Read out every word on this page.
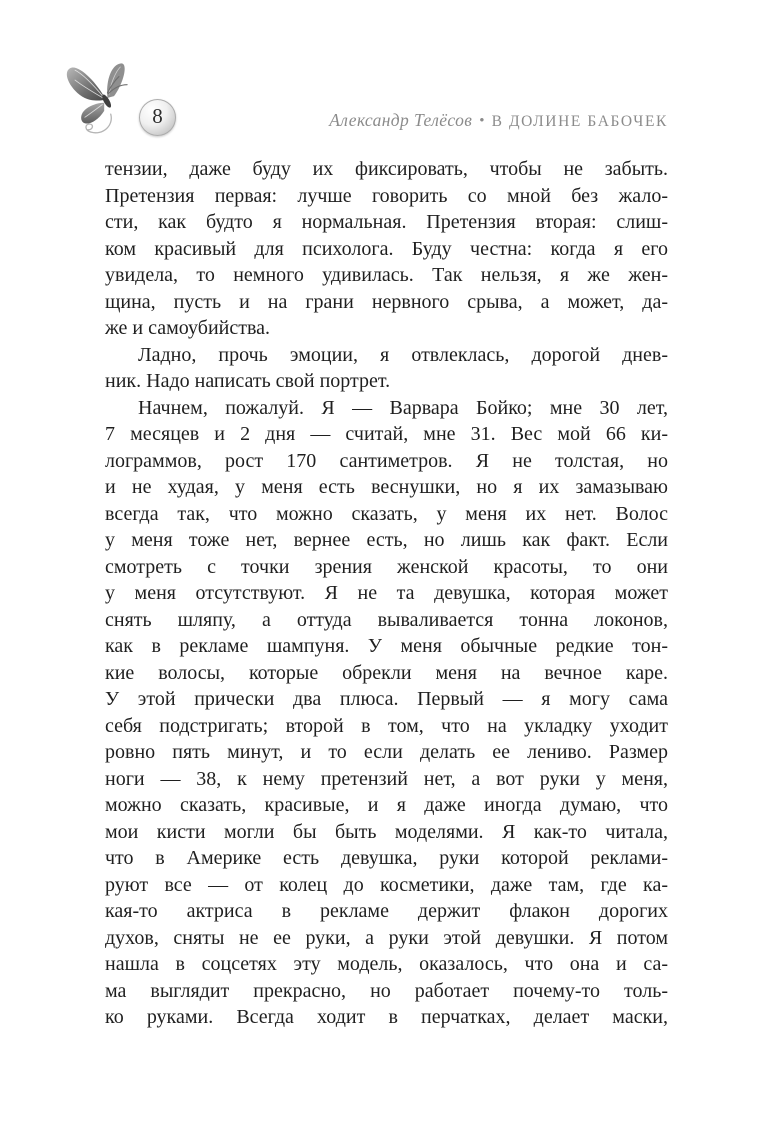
8	Александр Телёсов • В ДОЛИНЕ БАБОЧЕК
тензии, даже буду их фиксировать, чтобы не забыть.
Претензия первая: лучше говорить со мной без жало-
сти, как будто я нормальная. Претензия вторая: слиш-
ком красивый для психолога. Буду честна: когда я его
увидела, то немного удивилась. Так нельзя, я же жен-
щина, пусть и на грани нервного срыва, а может, да-
же и самоубийства.
Ладно, прочь эмоции, я отвлеклась, дорогой днев-
ник. Надо написать свой портрет.
Начнем, пожалуй. Я — Варвара Бойко; мне 30 лет,
7 месяцев и 2 дня — считай, мне 31. Вес мой 66 ки-
лограммов, рост 170 сантиметров. Я не толстая, но
и не худая, у меня есть веснушки, но я их замазываю
всегда так, что можно сказать, у меня их нет. Волос
у меня тоже нет, вернее есть, но лишь как факт. Если
смотреть с точки зрения женской красоты, то они
у меня отсутствуют. Я не та девушка, которая может
снять шляпу, а оттуда вываливается тонна локонов,
как в рекламе шампуня. У меня обычные редкие тон-
кие волосы, которые обрекли меня на вечное каре.
У этой прически два плюса. Первый — я могу сама
себя подстригать; второй в том, что на укладку уходит
ровно пять минут, и то если делать ее лениво. Размер
ноги — 38, к нему претензий нет, а вот руки у меня,
можно сказать, красивые, и я даже иногда думаю, что
мои кисти могли бы быть моделями. Я как-то читала,
что в Америке есть девушка, руки которой реклами-
руют все — от колец до косметики, даже там, где ка-
кая-то актриса в рекламе держит флакон дорогих
духов, сняты не ее руки, а руки этой девушки. Я потом
нашла в соцсетях эту модель, оказалось, что она и са-
ма выглядит прекрасно, но работает почему-то толь-
ко руками. Всегда ходит в перчатках, делает маски,
